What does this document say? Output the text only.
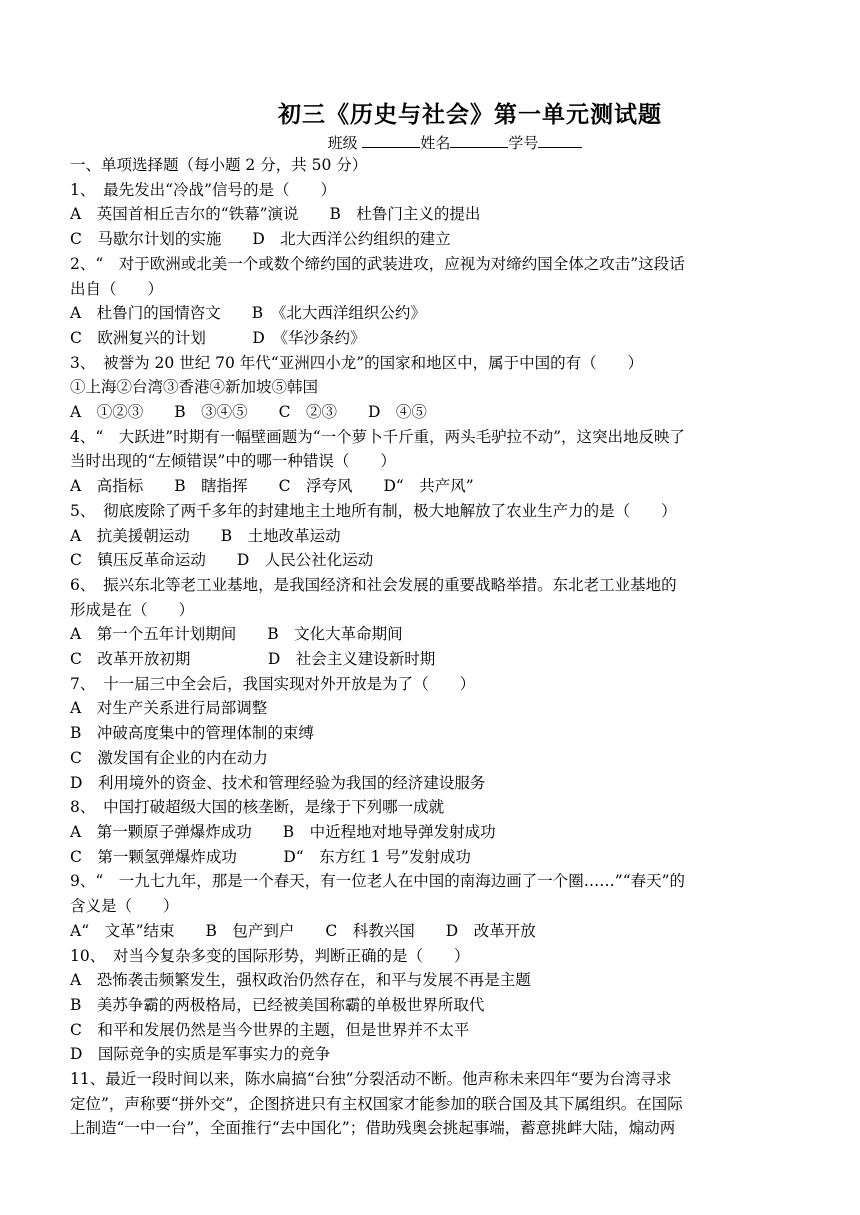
初三《历史与社会》第一单元测试题
班级	姓名	学号
一、单项选择题（每小题 2 分，共 50 分）
1、　最先发出“冷战”信号的是（　　）
A　英国首相丘吉尔的“铁幕”演说　　B　杜鲁门主义的提出
C　马歇尔计划的实施　　D　北大西洋公约组织的建立
2、“　对于欧洲或北美一个或数个缔约国的武装进攻，应视为对缔约国全体之攻击”这段话
出自（　　）
A　杜鲁门的国情咨文　　B　《北大西洋组织公约》
C　欧洲复兴的计划　　　D　《华沙条约》
3、　被誉为 20 世纪 70 年代“亚洲四小龙”的国家和地区中，属于中国的有（　　）
①上海②台湾③香港④新加坡⑤韩国
A　①②③　　B　③④⑤　　C　②③　　D　④⑤
4、“　大跃进”时期有一幅壁画题为“一个萝卜千斤重，两头毛驴拉不动”，这突出地反映了
当时出现的“左倾错误”中的哪一种错误（　　）
A　高指标　　B　瞎指挥　　C　浮夸风　　D“　共产风”
5、　彻底废除了两千多年的封建地主土地所有制，极大地解放了农业生产力的是（　　）
A　抗美援朝运动　　B　土地改革运动
C　镇压反革命运动　　D　人民公社化运动
6、　振兴东北等老工业基地，是我国经济和社会发展的重要战略举措。东北老工业基地的
形成是在（　　）
A　第一个五年计划期间　　B　文化大革命期间
C　改革开放初期　　　　　D　社会主义建设新时期
7、　十一届三中全会后，我国实现对外开放是为了（　　）
A　对生产关系进行局部调整
B　冲破高度集中的管理体制的束缚
C　激发国有企业的内在动力
D　利用境外的资金、技术和管理经验为我国的经济建设服务
8、　中国打破超级大国的核垄断，是缘于下列哪一成就
A　第一颗原子弹爆炸成功　　B　中近程地对地导弹发射成功
C　第一颗氢弹爆炸成功　　　D“　东方红 1 号”发射成功
9、“　一九七九年，那是一个春天，有一位老人在中国的南海边画了一个圈……”“春天”的
含义是（　　）
A“　文革”结束　　B　包产到户　　C　科教兴国　　D　改革开放
10、　对当今复杂多变的国际形势，判断正确的是（　　）
A　恐怖袭击频繁发生，强权政治仍然存在，和平与发展不再是主题
B　美苏争霸的两极格局，已经被美国称霸的单极世界所取代
C　和平和发展仍然是当今世界的主题，但是世界并不太平
D　国际竞争的实质是军事实力的竞争
11、最近一段时间以来，陈水扁搞“台独”分裂活动不断。他声称未来四年“要为台湾寻求
定位”，声称要“拼外交”，企图挤进只有主权国家才能参加的联合国及其下属组织。在国际
上制造“一中一台”，全面推行“去中国化”；借助残奥会挑起事端，蓄意挑衅大陆，煽动两
